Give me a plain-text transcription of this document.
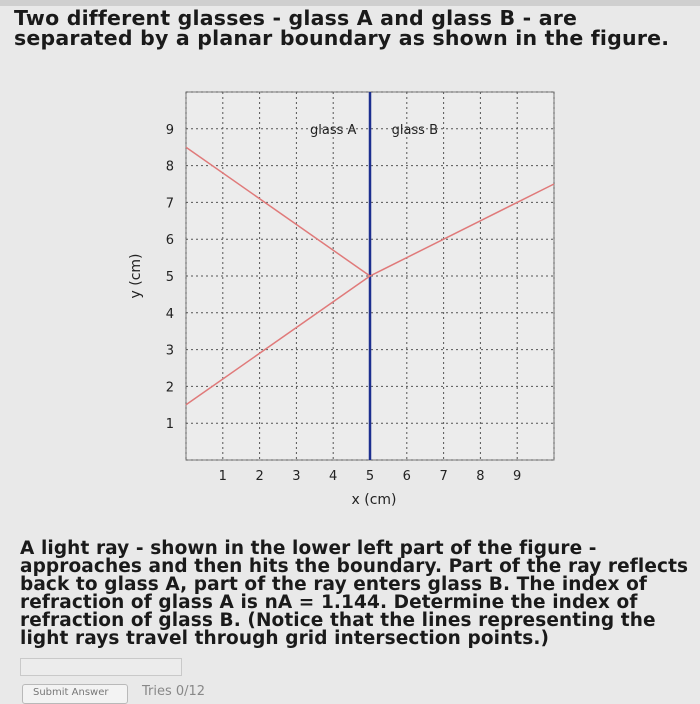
Two different glasses - glass A and glass B - are separated by a planar boundary as shown in the figure.
glass A	glass B
1 2 3 4 5 6 7 8 9
1
2
3
4
5
6
7
8
9
x (cm)
y (cm)
A light ray - shown in the lower left part of the figure - approaches and then hits the boundary. Part of the ray reflects back to glass A, part of the ray enters glass B. The index of refraction of glass A is nA = 1.144. Determine the index of refraction of glass B. (Notice that the lines representing the light rays travel through grid intersection points.)
Submit Answer	Tries 0/12
